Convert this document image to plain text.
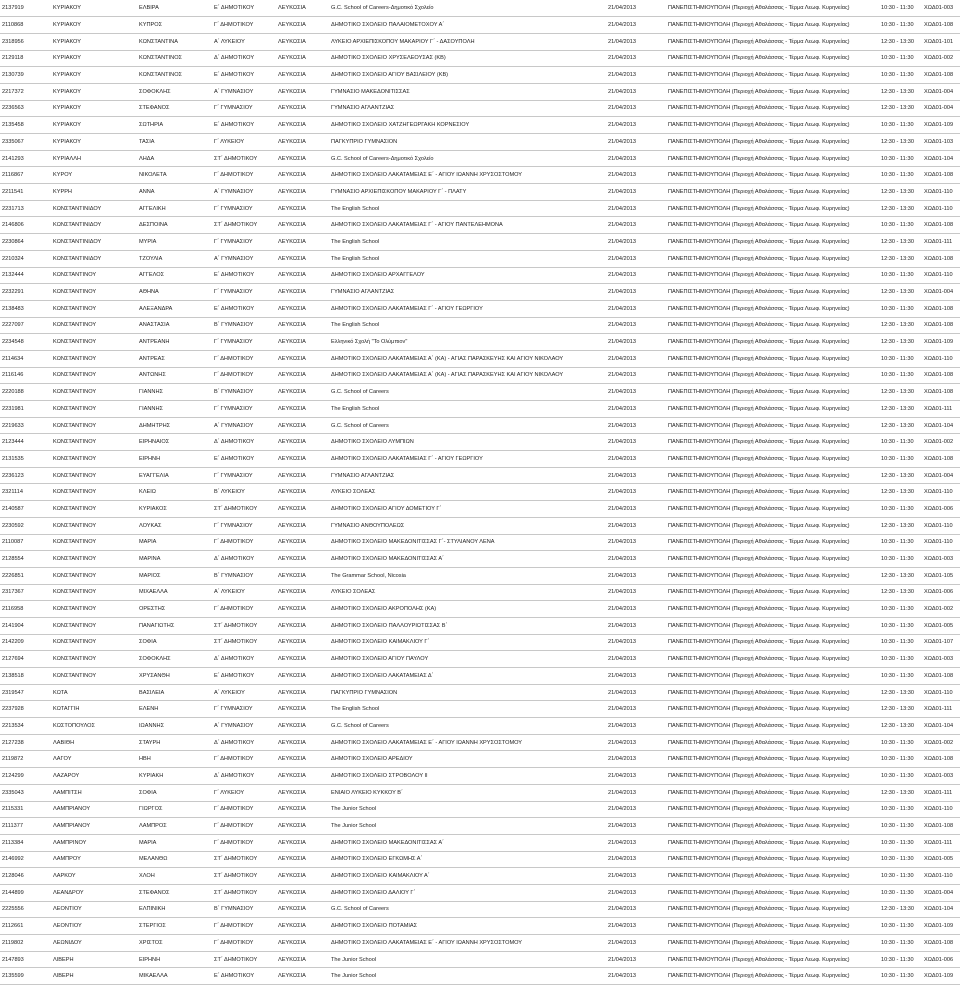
2137919	ΚΥΡΙΑΚΟΥ	ΕΛΒΙΡΑ	Ε΄ ΔΗΜΟΤΙΚΟΥ	ΛΕΥΚΩΣΙΑ	G.C. School of Careers-Δημοτικό Σχολείο	21/04/2013	ΠΑΝΕΠΙΣΤΗΜΙΟΥΠΟΛΗ (Περιοχή Αθαλάσσας - Τέρμα Λεωφ. Κυρηνείας)	10:30 - 11:30	ΧΩΔ01-003
2110868	ΚΥΡΙΑΚΟΥ	ΚΥΠΡΟΣ	Γ΄ ΔΗΜΟΤΙΚΟΥ	ΛΕΥΚΩΣΙΑ	ΔΗΜΟΤΙΚΟ ΣΧΟΛΕΙΟ ΠΑΛΑΙΟΜΕΤΟΧΟΥ Α΄	21/04/2013	ΠΑΝΕΠΙΣΤΗΜΙΟΥΠΟΛΗ (Περιοχή Αθαλάσσας - Τέρμα Λεωφ. Κυρηνείας)	10:30 - 11:30	ΧΩΔ01-108
2318956	ΚΥΡΙΑΚΟΥ	ΚΩΝΣΤΑΝΤΙΝΑ	Α΄ ΛΥΚΕΙΟΥ	ΛΕΥΚΩΣΙΑ	ΛΥΚΕΙΟ ΑΡΧΙΕΠΙΣΚΟΠΟΥ ΜΑΚΑΡΙΟΥ Γ΄ - ΔΑΣΟΥΠΟΛΗ	21/04/2013	ΠΑΝΕΠΙΣΤΗΜΙΟΥΠΟΛΗ (Περιοχή Αθαλάσσας - Τέρμα Λεωφ. Κυρηνείας)	12:30 - 13:30	ΧΩΔ01-101
2129118	ΚΥΡΙΑΚΟΥ	ΚΩΝΣΤΑΝΤΙΝΟΣ	Δ΄ ΔΗΜΟΤΙΚΟΥ	ΛΕΥΚΩΣΙΑ	ΔΗΜΟΤΙΚΟ ΣΧΟΛΕΙΟ ΧΡΥΣΕΛΕΟΥΣΑΣ (ΚΒ)	21/04/2013	ΠΑΝΕΠΙΣΤΗΜΙΟΥΠΟΛΗ (Περιοχή Αθαλάσσας - Τέρμα Λεωφ. Κυρηνείας)	10:30 - 11:30	ΧΩΔ01-002
2130739	ΚΥΡΙΑΚΟΥ	ΚΩΝΣΤΑΝΤΙΝΟΣ	Ε΄ ΔΗΜΟΤΙΚΟΥ	ΛΕΥΚΩΣΙΑ	ΔΗΜΟΤΙΚΟ ΣΧΟΛΕΙΟ ΑΓΙΟΥ ΒΑΣΙΛΕΙΟΥ (ΚΒ)	21/04/2013	ΠΑΝΕΠΙΣΤΗΜΙΟΥΠΟΛΗ (Περιοχή Αθαλάσσας - Τέρμα Λεωφ. Κυρηνείας)	10:30 - 11:30	ΧΩΔ01-108
2217372	ΚΥΡΙΑΚΟΥ	ΣΟΦΟΚΛΗΣ	Α΄ ΓΥΜΝΑΣΙΟΥ	ΛΕΥΚΩΣΙΑ	ΓΥΜΝΑΣΙΟ ΜΑΚΕΔΟΝΙΤΙΣΣΑΣ	21/04/2013	ΠΑΝΕΠΙΣΤΗΜΙΟΥΠΟΛΗ (Περιοχή Αθαλάσσας - Τέρμα Λεωφ. Κυρηνείας)	12:30 - 13:30	ΧΩΔ01-004
2236563	ΚΥΡΙΑΚΟΥ	ΣΤΕΦΑΝΟΣ	Γ΄ ΓΥΜΝΑΣΙΟΥ	ΛΕΥΚΩΣΙΑ	ΓΥΜΝΑΣΙΟ ΑΓΛΑΝΤΖΙΑΣ	21/04/2013	ΠΑΝΕΠΙΣΤΗΜΙΟΥΠΟΛΗ (Περιοχή Αθαλάσσας - Τέρμα Λεωφ. Κυρηνείας)	12:30 - 13:30	ΧΩΔ01-004
2135458	ΚΥΡΙΑΚΟΥ	ΣΩΤΗΡΙΑ	Ε΄ ΔΗΜΟΤΙΚΟΥ	ΛΕΥΚΩΣΙΑ	ΔΗΜΟΤΙΚΟ ΣΧΟΛΕΙΟ ΧΑΤΖΗΓΕΩΡΓΑΚΗ ΚΟΡΝΕΣΙΟΥ	21/04/2013	ΠΑΝΕΠΙΣΤΗΜΙΟΥΠΟΛΗ (Περιοχή Αθαλάσσας - Τέρμα Λεωφ. Κυρηνείας)	10:30 - 11:30	ΧΩΔ01-109
2335067	ΚΥΡΙΑΚΟΥ	ΤΑΣΙΑ	Γ΄ ΛΥΚΕΙΟΥ	ΛΕΥΚΩΣΙΑ	ΠΑΓΚΥΠΡΙΟ ΓΥΜΝΑΣΙΟΝ	21/04/2013	ΠΑΝΕΠΙΣΤΗΜΙΟΥΠΟΛΗ (Περιοχή Αθαλάσσας - Τέρμα Λεωφ. Κυρηνείας)	12:30 - 13:30	ΧΩΔ01-103
2141293	ΚΥΡΙΑΛΛΗ	ΛΗΔΑ	ΣΤ΄ ΔΗΜΟΤΙΚΟΥ	ΛΕΥΚΩΣΙΑ	G.C. School of Careers-Δημοτικό Σχολείο	21/04/2013	ΠΑΝΕΠΙΣΤΗΜΙΟΥΠΟΛΗ (Περιοχή Αθαλάσσας - Τέρμα Λεωφ. Κυρηνείας)	10:30 - 11:30	ΧΩΔ01-104
2116867	ΚΥΡΟΥ	ΝΙΚΟΛΕΤΑ	Γ΄ ΔΗΜΟΤΙΚΟΥ	ΛΕΥΚΩΣΙΑ	ΔΗΜΟΤΙΚΟ ΣΧΟΛΕΙΟ ΛΑΚΑΤΑΜΕΙΑΣ Ε΄ - ΑΓΙΟΥ ΙΩΑΝΝΗ ΧΡΥΣΟΣΤΟΜΟΥ	21/04/2013	ΠΑΝΕΠΙΣΤΗΜΙΟΥΠΟΛΗ (Περιοχή Αθαλάσσας - Τέρμα Λεωφ. Κυρηνείας)	10:30 - 11:30	ΧΩΔ01-108
2211541	ΚΥΡΡΗ	ΑΝΝΑ	Α΄ ΓΥΜΝΑΣΙΟΥ	ΛΕΥΚΩΣΙΑ	ΓΥΜΝΑΣΙΟ ΑΡΧΙΕΠΙΣΚΟΠΟΥ ΜΑΚΑΡΙΟΥ Γ΄ - ΠΛΑΤΥ	21/04/2013	ΠΑΝΕΠΙΣΤΗΜΙΟΥΠΟΛΗ (Περιοχή Αθαλάσσας - Τέρμα Λεωφ. Κυρηνείας)	12:30 - 13:30	ΧΩΔ01-110
2231713	ΚΩΝΣΤΑΝΤΙΝΙΔΟΥ	ΑΓΓΕΛΙΚΗ	Γ΄ ΓΥΜΝΑΣΙΟΥ	ΛΕΥΚΩΣΙΑ	The English School	21/04/2013	ΠΑΝΕΠΙΣΤΗΜΙΟΥΠΟΛΗ (Περιοχή Αθαλάσσας - Τέρμα Λεωφ. Κυρηνείας)	12:30 - 13:30	ΧΩΔ01-110
2146806	ΚΩΝΣΤΑΝΤΙΝΙΔΟΥ	ΔΕΣΠΟΙΝΑ	ΣΤ΄ ΔΗΜΟΤΙΚΟΥ	ΛΕΥΚΩΣΙΑ	ΔΗΜΟΤΙΚΟ ΣΧΟΛΕΙΟ ΛΑΚΑΤΑΜΕΙΑΣ Γ΄ - ΑΓΙΟΥ ΠΑΝΤΕΛΕΗΜΟΝΑ	21/04/2013	ΠΑΝΕΠΙΣΤΗΜΙΟΥΠΟΛΗ (Περιοχή Αθαλάσσας - Τέρμα Λεωφ. Κυρηνείας)	10:30 - 11:30	ΧΩΔ01-108
2230864	ΚΩΝΣΤΑΝΤΙΝΙΔΟΥ	ΜΥΡΙΑ	Γ΄ ΓΥΜΝΑΣΙΟΥ	ΛΕΥΚΩΣΙΑ	The English School	21/04/2013	ΠΑΝΕΠΙΣΤΗΜΙΟΥΠΟΛΗ (Περιοχή Αθαλάσσας - Τέρμα Λεωφ. Κυρηνείας)	12:30 - 13:30	ΧΩΔ01-111
2210324	ΚΩΝΣΤΑΝΤΙΝΙΔΟΥ	ΤΖΟΥΛΙΑ	Α΄ ΓΥΜΝΑΣΙΟΥ	ΛΕΥΚΩΣΙΑ	The English School	21/04/2013	ΠΑΝΕΠΙΣΤΗΜΙΟΥΠΟΛΗ (Περιοχή Αθαλάσσας - Τέρμα Λεωφ. Κυρηνείας)	12:30 - 13:30	ΧΩΔ01-108
2132444	ΚΩΝΣΤΑΝΤΙΝΟΥ	ΑΓΓΕΛΟΣ	Ε΄ ΔΗΜΟΤΙΚΟΥ	ΛΕΥΚΩΣΙΑ	ΔΗΜΟΤΙΚΟ ΣΧΟΛΕΙΟ ΑΡΧΑΓΓΕΛΟΥ	21/04/2013	ΠΑΝΕΠΙΣΤΗΜΙΟΥΠΟΛΗ (Περιοχή Αθαλάσσας - Τέρμα Λεωφ. Κυρηνείας)	10:30 - 11:30	ΧΩΔ01-110
2232291	ΚΩΝΣΤΑΝΤΙΝΟΥ	ΑΘΗΝΑ	Γ΄ ΓΥΜΝΑΣΙΟΥ	ΛΕΥΚΩΣΙΑ	ΓΥΜΝΑΣΙΟ ΑΓΛΑΝΤΖΙΑΣ	21/04/2013	ΠΑΝΕΠΙΣΤΗΜΙΟΥΠΟΛΗ (Περιοχή Αθαλάσσας - Τέρμα Λεωφ. Κυρηνείας)	12:30 - 13:30	ΧΩΔ01-004
2138483	ΚΩΝΣΤΑΝΤΙΝΟΥ	ΑΛΕΞΑΝΔΡΑ	Ε΄ ΔΗΜΟΤΙΚΟΥ	ΛΕΥΚΩΣΙΑ	ΔΗΜΟΤΙΚΟ ΣΧΟΛΕΙΟ ΛΑΚΑΤΑΜΕΙΑΣ Γ΄ - ΑΓΙΟΥ ΓΕΩΡΓΙΟΥ	21/04/2013	ΠΑΝΕΠΙΣΤΗΜΙΟΥΠΟΛΗ (Περιοχή Αθαλάσσας - Τέρμα Λεωφ. Κυρηνείας)	10:30 - 11:30	ΧΩΔ01-108
2227097	ΚΩΝΣΤΑΝΤΙΝΟΥ	ΑΝΑΣΤΑΣΙΑ	Β΄ ΓΥΜΝΑΣΙΟΥ	ΛΕΥΚΩΣΙΑ	The English School	21/04/2013	ΠΑΝΕΠΙΣΤΗΜΙΟΥΠΟΛΗ (Περιοχή Αθαλάσσας - Τέρμα Λεωφ. Κυρηνείας)	12:30 - 13:30	ΧΩΔ01-108
2234548	ΚΩΝΣΤΑΝΤΙΝΟΥ	ΑΝΤΡΕΑΝΗ	Γ΄ ΓΥΜΝΑΣΙΟΥ	ΛΕΥΚΩΣΙΑ	Ελληνικό Σχολή "Το Ολύμπιον"	21/04/2013	ΠΑΝΕΠΙΣΤΗΜΙΟΥΠΟΛΗ (Περιοχή Αθαλάσσας - Τέρμα Λεωφ. Κυρηνείας)	12:30 - 13:30	ΧΩΔ01-109
2114634	ΚΩΝΣΤΑΝΤΙΝΟΥ	ΑΝΤΡΕΑΣ	Γ΄ ΔΗΜΟΤΙΚΟΥ	ΛΕΥΚΩΣΙΑ	ΔΗΜΟΤΙΚΟ ΣΧΟΛΕΙΟ ΛΑΚΑΤΑΜΕΙΑΣ Α΄ (ΚΑ) - ΑΓΙΑΣ ΠΑΡΑΣΚΕΥΗΣ ΚΑΙ ΑΓΙΟΥ ΝΙΚΟΛΑΟΥ	21/04/2013	ΠΑΝΕΠΙΣΤΗΜΙΟΥΠΟΛΗ (Περιοχή Αθαλάσσας - Τέρμα Λεωφ. Κυρηνείας)	10:30 - 11:30	ΧΩΔ01-110
2116146	ΚΩΝΣΤΑΝΤΙΝΟΥ	ΑΝΤΩΝΗΣ	Γ΄ ΔΗΜΟΤΙΚΟΥ	ΛΕΥΚΩΣΙΑ	ΔΗΜΟΤΙΚΟ ΣΧΟΛΕΙΟ ΛΑΚΑΤΑΜΕΙΑΣ Α΄ (ΚΑ) - ΑΓΙΑΣ ΠΑΡΑΣΚΕΥΗΣ ΚΑΙ ΑΓΙΟΥ ΝΙΚΟΛΑΟΥ	21/04/2013	ΠΑΝΕΠΙΣΤΗΜΙΟΥΠΟΛΗ (Περιοχή Αθαλάσσας - Τέρμα Λεωφ. Κυρηνείας)	10:30 - 11:30	ΧΩΔ01-108
2220188	ΚΩΝΣΤΑΝΤΙΝΟΥ	ΓΙΑΝΝΗΣ	Β΄ ΓΥΜΝΑΣΙΟΥ	ΛΕΥΚΩΣΙΑ	G.C. School of Careers	21/04/2013	ΠΑΝΕΠΙΣΤΗΜΙΟΥΠΟΛΗ (Περιοχή Αθαλάσσας - Τέρμα Λεωφ. Κυρηνείας)	12:30 - 13:30	ΧΩΔ01-108
2231981	ΚΩΝΣΤΑΝΤΙΝΟΥ	ΓΙΑΝΝΗΣ	Γ΄ ΓΥΜΝΑΣΙΟΥ	ΛΕΥΚΩΣΙΑ	The English School	21/04/2013	ΠΑΝΕΠΙΣΤΗΜΙΟΥΠΟΛΗ (Περιοχή Αθαλάσσας - Τέρμα Λεωφ. Κυρηνείας)	12:30 - 13:30	ΧΩΔ01-111
2219633	ΚΩΝΣΤΑΝΤΙΝΟΥ	ΔΗΜΗΤΡΗΣ	Α΄ ΓΥΜΝΑΣΙΟΥ	ΛΕΥΚΩΣΙΑ	G.C. School of Careers	21/04/2013	ΠΑΝΕΠΙΣΤΗΜΙΟΥΠΟΛΗ (Περιοχή Αθαλάσσας - Τέρμα Λεωφ. Κυρηνείας)	12:30 - 13:30	ΧΩΔ01-104
2123444	ΚΩΝΣΤΑΝΤΙΝΟΥ	ΕΙΡΗΝΑΙΟΣ	Δ΄ ΔΗΜΟΤΙΚΟΥ	ΛΕΥΚΩΣΙΑ	ΔΗΜΟΤΙΚΟ ΣΧΟΛΕΙΟ ΛΥΜΠΙΩΝ	21/04/2013	ΠΑΝΕΠΙΣΤΗΜΙΟΥΠΟΛΗ (Περιοχή Αθαλάσσας - Τέρμα Λεωφ. Κυρηνείας)	10:30 - 11:30	ΧΩΔ01-002
2131535	ΚΩΝΣΤΑΝΤΙΝΟΥ	ΕΙΡΗΝΗ	Ε΄ ΔΗΜΟΤΙΚΟΥ	ΛΕΥΚΩΣΙΑ	ΔΗΜΟΤΙΚΟ ΣΧΟΛΕΙΟ ΛΑΚΑΤΑΜΕΙΑΣ Γ΄ - ΑΓΙΟΥ ΓΕΩΡΓΙΟΥ	21/04/2013	ΠΑΝΕΠΙΣΤΗΜΙΟΥΠΟΛΗ (Περιοχή Αθαλάσσας - Τέρμα Λεωφ. Κυρηνείας)	10:30 - 11:30	ΧΩΔ01-108
2236123	ΚΩΝΣΤΑΝΤΙΝΟΥ	ΕΥΑΓΓΕΛΙΑ	Γ΄ ΓΥΜΝΑΣΙΟΥ	ΛΕΥΚΩΣΙΑ	ΓΥΜΝΑΣΙΟ ΑΓΛΑΝΤΖΙΑΣ	21/04/2013	ΠΑΝΕΠΙΣΤΗΜΙΟΥΠΟΛΗ (Περιοχή Αθαλάσσας - Τέρμα Λεωφ. Κυρηνείας)	12:30 - 13:30	ΧΩΔ01-004
2321114	ΚΩΝΣΤΑΝΤΙΝΟΥ	ΚΛΕΙΩ	Β΄ ΛΥΚΕΙΟΥ	ΛΕΥΚΩΣΙΑ	ΛΥΚΕΙΟ ΣΟΛΕΑΣ	21/04/2013	ΠΑΝΕΠΙΣΤΗΜΙΟΥΠΟΛΗ (Περιοχή Αθαλάσσας - Τέρμα Λεωφ. Κυρηνείας)	12:30 - 13:30	ΧΩΔ01-110
2140587	ΚΩΝΣΤΑΝΤΙΝΟΥ	ΚΥΡΙΑΚΟΣ	ΣΤ΄ ΔΗΜΟΤΙΚΟΥ	ΛΕΥΚΩΣΙΑ	ΔΗΜΟΤΙΚΟ ΣΧΟΛΕΙΟ ΑΓΙΟΥ ΔΟΜΕΤΙΟΥ Γ΄	21/04/2013	ΠΑΝΕΠΙΣΤΗΜΙΟΥΠΟΛΗ (Περιοχή Αθαλάσσας - Τέρμα Λεωφ. Κυρηνείας)	10:30 - 11:30	ΧΩΔ01-006
2230592	ΚΩΝΣΤΑΝΤΙΝΟΥ	ΛΟΥΚΑΣ	Γ΄ ΓΥΜΝΑΣΙΟΥ	ΛΕΥΚΩΣΙΑ	ΓΥΜΝΑΣΙΟ ΑΝΘΟΥΠΟΛΕΩΣ	21/04/2013	ΠΑΝΕΠΙΣΤΗΜΙΟΥΠΟΛΗ (Περιοχή Αθαλάσσας - Τέρμα Λεωφ. Κυρηνείας)	12:30 - 13:30	ΧΩΔ01-110
2110087	ΚΩΝΣΤΑΝΤΙΝΟΥ	ΜΑΡΙΑ	Γ΄ ΔΗΜΟΤΙΚΟΥ	ΛΕΥΚΩΣΙΑ	ΔΗΜΟΤΙΚΟ ΣΧΟΛΕΙΟ ΜΑΚΕΔΟΝΙΤΙΣΣΑΣ Γ΄- ΣΤΥΛΙΑΝΟΥ ΛΕΝΑ	21/04/2013	ΠΑΝΕΠΙΣΤΗΜΙΟΥΠΟΛΗ (Περιοχή Αθαλάσσας - Τέρμα Λεωφ. Κυρηνείας)	10:30 - 11:30	ΧΩΔ01-110
2128554	ΚΩΝΣΤΑΝΤΙΝΟΥ	ΜΑΡΙΝΑ	Δ΄ ΔΗΜΟΤΙΚΟΥ	ΛΕΥΚΩΣΙΑ	ΔΗΜΟΤΙΚΟ ΣΧΟΛΕΙΟ ΜΑΚΕΔΟΝΙΤΙΣΣΑΣ Α΄	21/04/2013	ΠΑΝΕΠΙΣΤΗΜΙΟΥΠΟΛΗ (Περιοχή Αθαλάσσας - Τέρμα Λεωφ. Κυρηνείας)	10:30 - 11:30	ΧΩΔ01-003
2226851	ΚΩΝΣΤΑΝΤΙΝΟΥ	ΜΑΡΙΟΣ	Β΄ ΓΥΜΝΑΣΙΟΥ	ΛΕΥΚΩΣΙΑ	The Grammar School, Nicosia	21/04/2013	ΠΑΝΕΠΙΣΤΗΜΙΟΥΠΟΛΗ (Περιοχή Αθαλάσσας - Τέρμα Λεωφ. Κυρηνείας)	12:30 - 13:30	ΧΩΔ01-105
2317367	ΚΩΝΣΤΑΝΤΙΝΟΥ	ΜΙΧΑΕΛΛΑ	Α΄ ΛΥΚΕΙΟΥ	ΛΕΥΚΩΣΙΑ	ΛΥΚΕΙΟ ΣΟΛΕΑΣ	21/04/2013	ΠΑΝΕΠΙΣΤΗΜΙΟΥΠΟΛΗ (Περιοχή Αθαλάσσας - Τέρμα Λεωφ. Κυρηνείας)	12:30 - 13:30	ΧΩΔ01-006
2116958	ΚΩΝΣΤΑΝΤΙΝΟΥ	ΟΡΕΣΤΗΣ	Γ΄ ΔΗΜΟΤΙΚΟΥ	ΛΕΥΚΩΣΙΑ	ΔΗΜΟΤΙΚΟ ΣΧΟΛΕΙΟ ΑΚΡΟΠΟΛΗΣ (ΚΑ)	21/04/2013	ΠΑΝΕΠΙΣΤΗΜΙΟΥΠΟΛΗ (Περιοχή Αθαλάσσας - Τέρμα Λεωφ. Κυρηνείας)	10:30 - 11:30	ΧΩΔ01-002
2141904	ΚΩΝΣΤΑΝΤΙΝΟΥ	ΠΑΝΑΓΙΩΤΗΣ	ΣΤ΄ ΔΗΜΟΤΙΚΟΥ	ΛΕΥΚΩΣΙΑ	ΔΗΜΟΤΙΚΟ ΣΧΟΛΕΙΟ ΠΑΛΛΟΥΡΙΩΤΙΣΣΑΣ Β΄	21/04/2013	ΠΑΝΕΠΙΣΤΗΜΙΟΥΠΟΛΗ (Περιοχή Αθαλάσσας - Τέρμα Λεωφ. Κυρηνείας)	10:30 - 11:30	ΧΩΔ01-005
2142209	ΚΩΝΣΤΑΝΤΙΝΟΥ	ΣΟΦΙΑ	ΣΤ΄ ΔΗΜΟΤΙΚΟΥ	ΛΕΥΚΩΣΙΑ	ΔΗΜΟΤΙΚΟ ΣΧΟΛΕΙΟ ΚΑΙΜΑΚΛΙΟΥ Γ΄	21/04/2013	ΠΑΝΕΠΙΣΤΗΜΙΟΥΠΟΛΗ (Περιοχή Αθαλάσσας - Τέρμα Λεωφ. Κυρηνείας)	10:30 - 11:30	ΧΩΔ01-107
2127694	ΚΩΝΣΤΑΝΤΙΝΟΥ	ΣΟΦΟΚΛΗΣ	Δ΄ ΔΗΜΟΤΙΚΟΥ	ΛΕΥΚΩΣΙΑ	ΔΗΜΟΤΙΚΟ ΣΧΟΛΕΙΟ ΑΓΙΟΥ ΠΑΥΛΟΥ	21/04/2013	ΠΑΝΕΠΙΣΤΗΜΙΟΥΠΟΛΗ (Περιοχή Αθαλάσσας - Τέρμα Λεωφ. Κυρηνείας)	10:30 - 11:30	ΧΩΔ01-003
2138518	ΚΩΝΣΤΑΝΤΙΝΟΥ	ΧΡΥΣΑΝΘΗ	Ε΄ ΔΗΜΟΤΙΚΟΥ	ΛΕΥΚΩΣΙΑ	ΔΗΜΟΤΙΚΟ ΣΧΟΛΕΙΟ ΛΑΚΑΤΑΜΕΙΑΣ Δ΄	21/04/2013	ΠΑΝΕΠΙΣΤΗΜΙΟΥΠΟΛΗ (Περιοχή Αθαλάσσας - Τέρμα Λεωφ. Κυρηνείας)	10:30 - 11:30	ΧΩΔ01-108
2319547	ΚΩΤΑ	ΒΑΣΙΛΕΙΑ	Α΄ ΛΥΚΕΙΟΥ	ΛΕΥΚΩΣΙΑ	ΠΑΓΚΥΠΡΙΟ ΓΥΜΝΑΣΙΟΝ	21/04/2013	ΠΑΝΕΠΙΣΤΗΜΙΟΥΠΟΛΗ (Περιοχή Αθαλάσσας - Τέρμα Λεωφ. Κυρηνείας)	12:30 - 13:30	ΧΩΔ01-110
2237928	ΚΩΤΑΓΓΙΗ	ΕΛΕΝΗ	Γ΄ ΓΥΜΝΑΣΙΟΥ	ΛΕΥΚΩΣΙΑ	The English School	21/04/2013	ΠΑΝΕΠΙΣΤΗΜΙΟΥΠΟΛΗ (Περιοχή Αθαλάσσας - Τέρμα Λεωφ. Κυρηνείας)	12:30 - 13:30	ΧΩΔ01-111
2213534	ΚΩΣΤΟΠΟΥΛΟΣ	ΙΩΑΝΝΗΣ	Α΄ ΓΥΜΝΑΣΙΟΥ	ΛΕΥΚΩΣΙΑ	G.C. School of Careers	21/04/2013	ΠΑΝΕΠΙΣΤΗΜΙΟΥΠΟΛΗ (Περιοχή Αθαλάσσας - Τέρμα Λεωφ. Κυρηνείας)	12:30 - 13:30	ΧΩΔ01-104
2127238	ΛΑΒΙΘΗ	ΣΤΑΥΡΗ	Δ΄ ΔΗΜΟΤΙΚΟΥ	ΛΕΥΚΩΣΙΑ	ΔΗΜΟΤΙΚΟ ΣΧΟΛΕΙΟ ΛΑΚΑΤΑΜΕΙΑΣ Ε΄ - ΑΓΙΟΥ ΙΩΑΝΝΗ ΧΡΥΣΟΣΤΟΜΟΥ	21/04/2013	ΠΑΝΕΠΙΣΤΗΜΙΟΥΠΟΛΗ (Περιοχή Αθαλάσσας - Τέρμα Λεωφ. Κυρηνείας)	10:30 - 11:30	ΧΩΔ01-002
2119872	ΛΑΓΟΥ	ΗΒΗ	Γ΄ ΔΗΜΟΤΙΚΟΥ	ΛΕΥΚΩΣΙΑ	ΔΗΜΟΤΙΚΟ ΣΧΟΛΕΙΟ ΑΡΕΔΙΟΥ	21/04/2013	ΠΑΝΕΠΙΣΤΗΜΙΟΥΠΟΛΗ (Περιοχή Αθαλάσσας - Τέρμα Λεωφ. Κυρηνείας)	10:30 - 11:30	ΧΩΔ01-108
2124299	ΛΑΖΑΡΟΥ	ΚΥΡΙΑΚΗ	Δ΄ ΔΗΜΟΤΙΚΟΥ	ΛΕΥΚΩΣΙΑ	ΔΗΜΟΤΙΚΟ ΣΧΟΛΕΙΟ ΣΤΡΟΒΟΛΟΥ ΙΙ	21/04/2013	ΠΑΝΕΠΙΣΤΗΜΙΟΥΠΟΛΗ (Περιοχή Αθαλάσσας - Τέρμα Λεωφ. Κυρηνείας)	10:30 - 11:30	ΧΩΔ01-003
2335043	ΛΑΜΠΙΤΣΗ	ΣΟΦΙΑ	Γ΄ ΛΥΚΕΙΟΥ	ΛΕΥΚΩΣΙΑ	ΕΝΙΑΙΟ ΛΥΚΕΙΟ ΚΥΚΚΟΥ Β΄	21/04/2013	ΠΑΝΕΠΙΣΤΗΜΙΟΥΠΟΛΗ (Περιοχή Αθαλάσσας - Τέρμα Λεωφ. Κυρηνείας)	12:30 - 13:30	ΧΩΔ01-111
2115331	ΛΑΜΠΡΙΑΝΟΥ	ΓΙΩΡΓΟΣ	Γ΄ ΔΗΜΟΤΙΚΟΥ	ΛΕΥΚΩΣΙΑ	The Junior School	21/04/2013	ΠΑΝΕΠΙΣΤΗΜΙΟΥΠΟΛΗ (Περιοχή Αθαλάσσας - Τέρμα Λεωφ. Κυρηνείας)	10:30 - 11:30	ΧΩΔ01-110
2111377	ΛΑΜΠΡΙΑΝΟΥ	ΛΑΜΠΡΟΣ	Γ΄ ΔΗΜΟΤΙΚΟΥ	ΛΕΥΚΩΣΙΑ	The Junior School	21/04/2013	ΠΑΝΕΠΙΣΤΗΜΙΟΥΠΟΛΗ (Περιοχή Αθαλάσσας - Τέρμα Λεωφ. Κυρηνείας)	10:30 - 11:30	ΧΩΔ01-108
2113384	ΛΑΜΠΡΙΝΟΥ	ΜΑΡΙΑ	Γ΄ ΔΗΜΟΤΙΚΟΥ	ΛΕΥΚΩΣΙΑ	ΔΗΜΟΤΙΚΟ ΣΧΟΛΕΙΟ ΜΑΚΕΔΟΝΙΤΙΣΣΑΣ Α΄	21/04/2013	ΠΑΝΕΠΙΣΤΗΜΙΟΥΠΟΛΗ (Περιοχή Αθαλάσσας - Τέρμα Λεωφ. Κυρηνείας)	10:30 - 11:30	ΧΩΔ01-111
2146992	ΛΑΜΠΡΟΥ	ΜΕΛΑΝΘΩ	ΣΤ΄ ΔΗΜΟΤΙΚΟΥ	ΛΕΥΚΩΣΙΑ	ΔΗΜΟΤΙΚΟ ΣΧΟΛΕΙΟ ΕΓΚΩΜΗΣ Α΄	21/04/2013	ΠΑΝΕΠΙΣΤΗΜΙΟΥΠΟΛΗ (Περιοχή Αθαλάσσας - Τέρμα Λεωφ. Κυρηνείας)	10:30 - 11:30	ΧΩΔ01-005
2128046	ΛΑΡΚΟΥ	ΧΛΟΗ	ΣΤ΄ ΔΗΜΟΤΙΚΟΥ	ΛΕΥΚΩΣΙΑ	ΔΗΜΟΤΙΚΟ ΣΧΟΛΕΙΟ ΚΑΙΜΑΚΛΙΟΥ Α΄	21/04/2013	ΠΑΝΕΠΙΣΤΗΜΙΟΥΠΟΛΗ (Περιοχή Αθαλάσσας - Τέρμα Λεωφ. Κυρηνείας)	10:30 - 11:30	ΧΩΔ01-110
2144899	ΛΕΑΝΔΡΟΥ	ΣΤΕΦΑΝΟΣ	ΣΤ΄ ΔΗΜΟΤΙΚΟΥ	ΛΕΥΚΩΣΙΑ	ΔΗΜΟΤΙΚΟ ΣΧΟΛΕΙΟ ΔΑΛΙΟΥ Γ΄	21/04/2013	ΠΑΝΕΠΙΣΤΗΜΙΟΥΠΟΛΗ (Περιοχή Αθαλάσσας - Τέρμα Λεωφ. Κυρηνείας)	10:30 - 11:30	ΧΩΔ01-004
2225556	ΛΕΟΝΤΙΟΥ	ΕΛΠΙΝΙΚΗ	Β΄ ΓΥΜΝΑΣΙΟΥ	ΛΕΥΚΩΣΙΑ	G.C. School of Careers	21/04/2013	ΠΑΝΕΠΙΣΤΗΜΙΟΥΠΟΛΗ (Περιοχή Αθαλάσσας - Τέρμα Λεωφ. Κυρηνείας)	12:30 - 13:30	ΧΩΔ01-104
2112661	ΛΕΟΝΤΙΟΥ	ΣΤΕΡΓΙΟΣ	Γ΄ ΔΗΜΟΤΙΚΟΥ	ΛΕΥΚΩΣΙΑ	ΔΗΜΟΤΙΚΟ ΣΧΟΛΕΙΟ ΠΟΤΑΜΙΑΣ	21/04/2013	ΠΑΝΕΠΙΣΤΗΜΙΟΥΠΟΛΗ (Περιοχή Αθαλάσσας - Τέρμα Λεωφ. Κυρηνείας)	10:30 - 11:30	ΧΩΔ01-109
2119802	ΛΕΩΝΙΔΟΥ	ΧΡΙΣΤΟΣ	Γ΄ ΔΗΜΟΤΙΚΟΥ	ΛΕΥΚΩΣΙΑ	ΔΗΜΟΤΙΚΟ ΣΧΟΛΕΙΟ ΛΑΚΑΤΑΜΕΙΑΣ Ε΄ - ΑΓΙΟΥ ΙΩΑΝΝΗ ΧΡΥΣΟΣΤΟΜΟΥ	21/04/2013	ΠΑΝΕΠΙΣΤΗΜΙΟΥΠΟΛΗ (Περιοχή Αθαλάσσας - Τέρμα Λεωφ. Κυρηνείας)	10:30 - 11:30	ΧΩΔ01-108
2147893	ΛΙΒΕΡΗ	ΕΙΡΗΝΗ	ΣΤ΄ ΔΗΜΟΤΙΚΟΥ	ΛΕΥΚΩΣΙΑ	The Junior School	21/04/2013	ΠΑΝΕΠΙΣΤΗΜΙΟΥΠΟΛΗ (Περιοχή Αθαλάσσας - Τέρμα Λεωφ. Κυρηνείας)	10:30 - 11:30	ΧΩΔ01-006
2135599	ΛΙΒΕΡΗ	ΜΙΚΑΕΛΛΑ	Ε΄ ΔΗΜΟΤΙΚΟΥ	ΛΕΥΚΩΣΙΑ	The Junior School	21/04/2013	ΠΑΝΕΠΙΣΤΗΜΙΟΥΠΟΛΗ (Περιοχή Αθαλάσσας - Τέρμα Λεωφ. Κυρηνείας)	10:30 - 11:30	ΧΩΔ01-109
